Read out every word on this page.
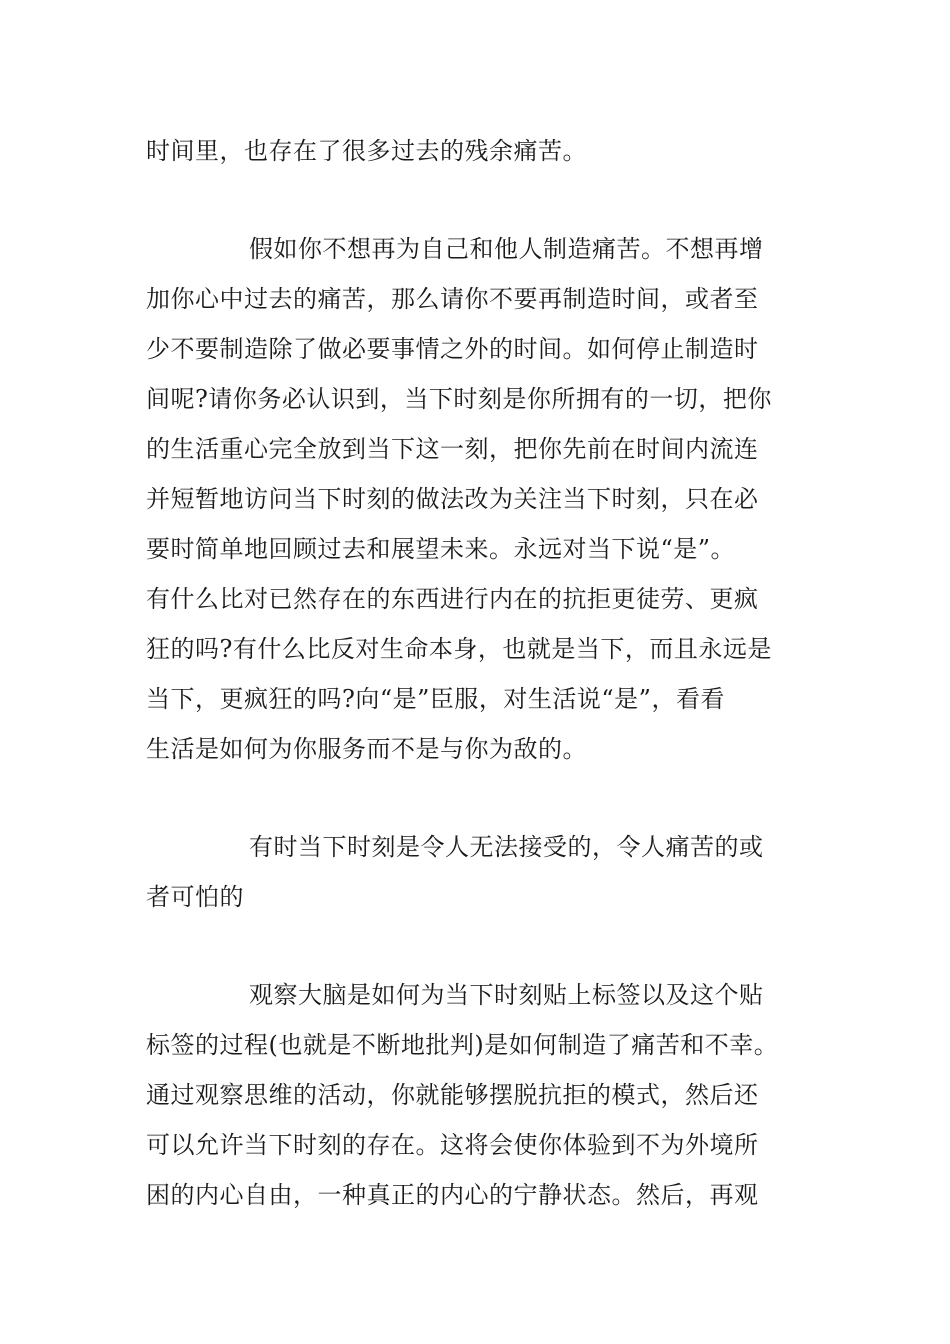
时间里，也存在了很多过去的残余痛苦。
假如你不想再为自己和他人制造痛苦。不想再增
加你心中过去的痛苦，那么请你不要再制造时间，或者至
少不要制造除了做必要事情之外的时间。如何停止制造时
间呢?请你务必认识到，当下时刻是你所拥有的一切，把你
的生活重心完全放到当下这一刻，把你先前在时间内流连
并短暂地访问当下时刻的做法改为关注当下时刻，只在必
要时简单地回顾过去和展望未来。永远对当下说“是”。
有什么比对已然存在的东西进行内在的抗拒更徒劳、更疯
狂的吗?有什么比反对生命本身，也就是当下，而且永远是
当下，更疯狂的吗?向“是”臣服，对生活说“是”，看看
生活是如何为你服务而不是与你为敌的。
有时当下时刻是令人无法接受的，令人痛苦的或
者可怕的
观察大脑是如何为当下时刻贴上标签以及这个贴
标签的过程(也就是不断地批判)是如何制造了痛苦和不幸。
通过观察思维的活动，你就能够摆脱抗拒的模式，然后还
可以允许当下时刻的存在。这将会使你体验到不为外境所
困的内心自由，一种真正的内心的宁静状态。然后，再观
